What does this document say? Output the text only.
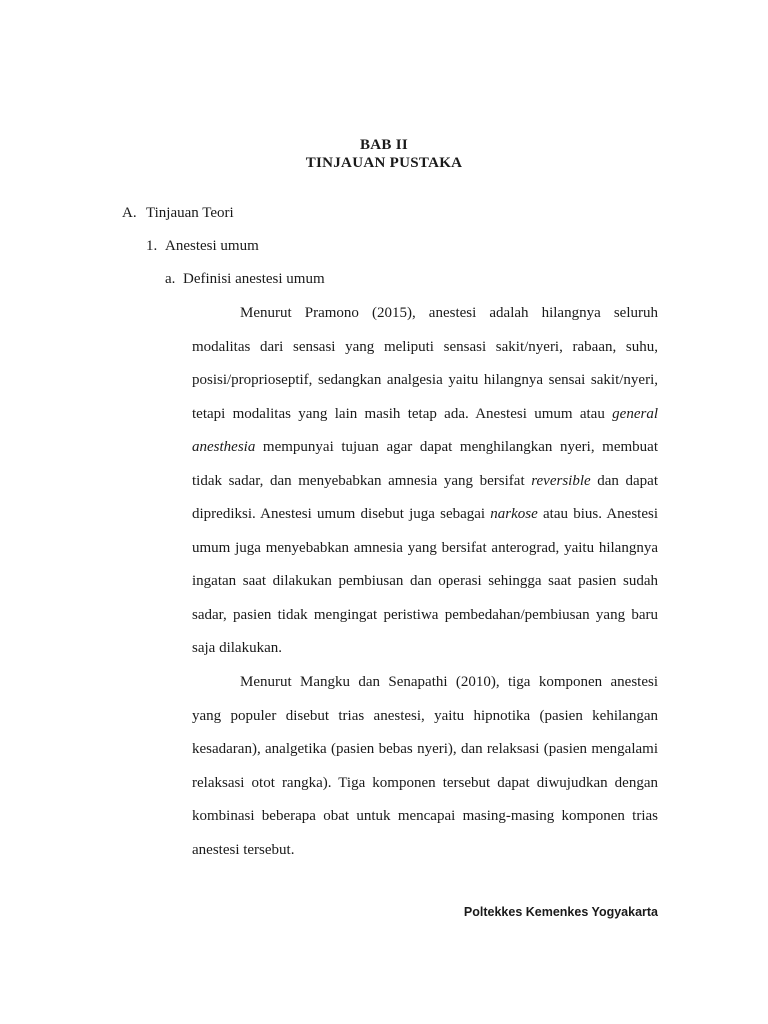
BAB II
TINJAUAN PUSTAKA
A. Tinjauan Teori
1. Anestesi umum
a. Definisi anestesi umum

Menurut Pramono (2015), anestesi adalah hilangnya seluruh modalitas dari sensasi yang meliputi sensasi sakit/nyeri, rabaan, suhu, posisi/proprioseptif, sedangkan analgesia yaitu hilangnya sensai sakit/nyeri, tetapi modalitas yang lain masih tetap ada. Anestesi umum atau general anesthesia mempunyai tujuan agar dapat menghilangkan nyeri, membuat tidak sadar, dan menyebabkan amnesia yang bersifat reversible dan dapat diprediksi. Anestesi umum disebut juga sebagai narkose atau bius. Anestesi umum juga menyebabkan amnesia yang bersifat anterograd, yaitu hilangnya ingatan saat dilakukan pembiusan dan operasi sehingga saat pasien sudah sadar, pasien tidak mengingat peristiwa pembedahan/pembiusan yang baru saja dilakukan.

Menurut Mangku dan Senapathi (2010), tiga komponen anestesi yang populer disebut trias anestesi, yaitu hipnotika (pasien kehilangan kesadaran), analgetika (pasien bebas nyeri), dan relaksasi (pasien mengalami relaksasi otot rangka). Tiga komponen tersebut dapat diwujudkan dengan kombinasi beberapa obat untuk mencapai masing-masing komponen trias anestesi tersebut.

Poltekkes Kemenkes Yogyakarta
